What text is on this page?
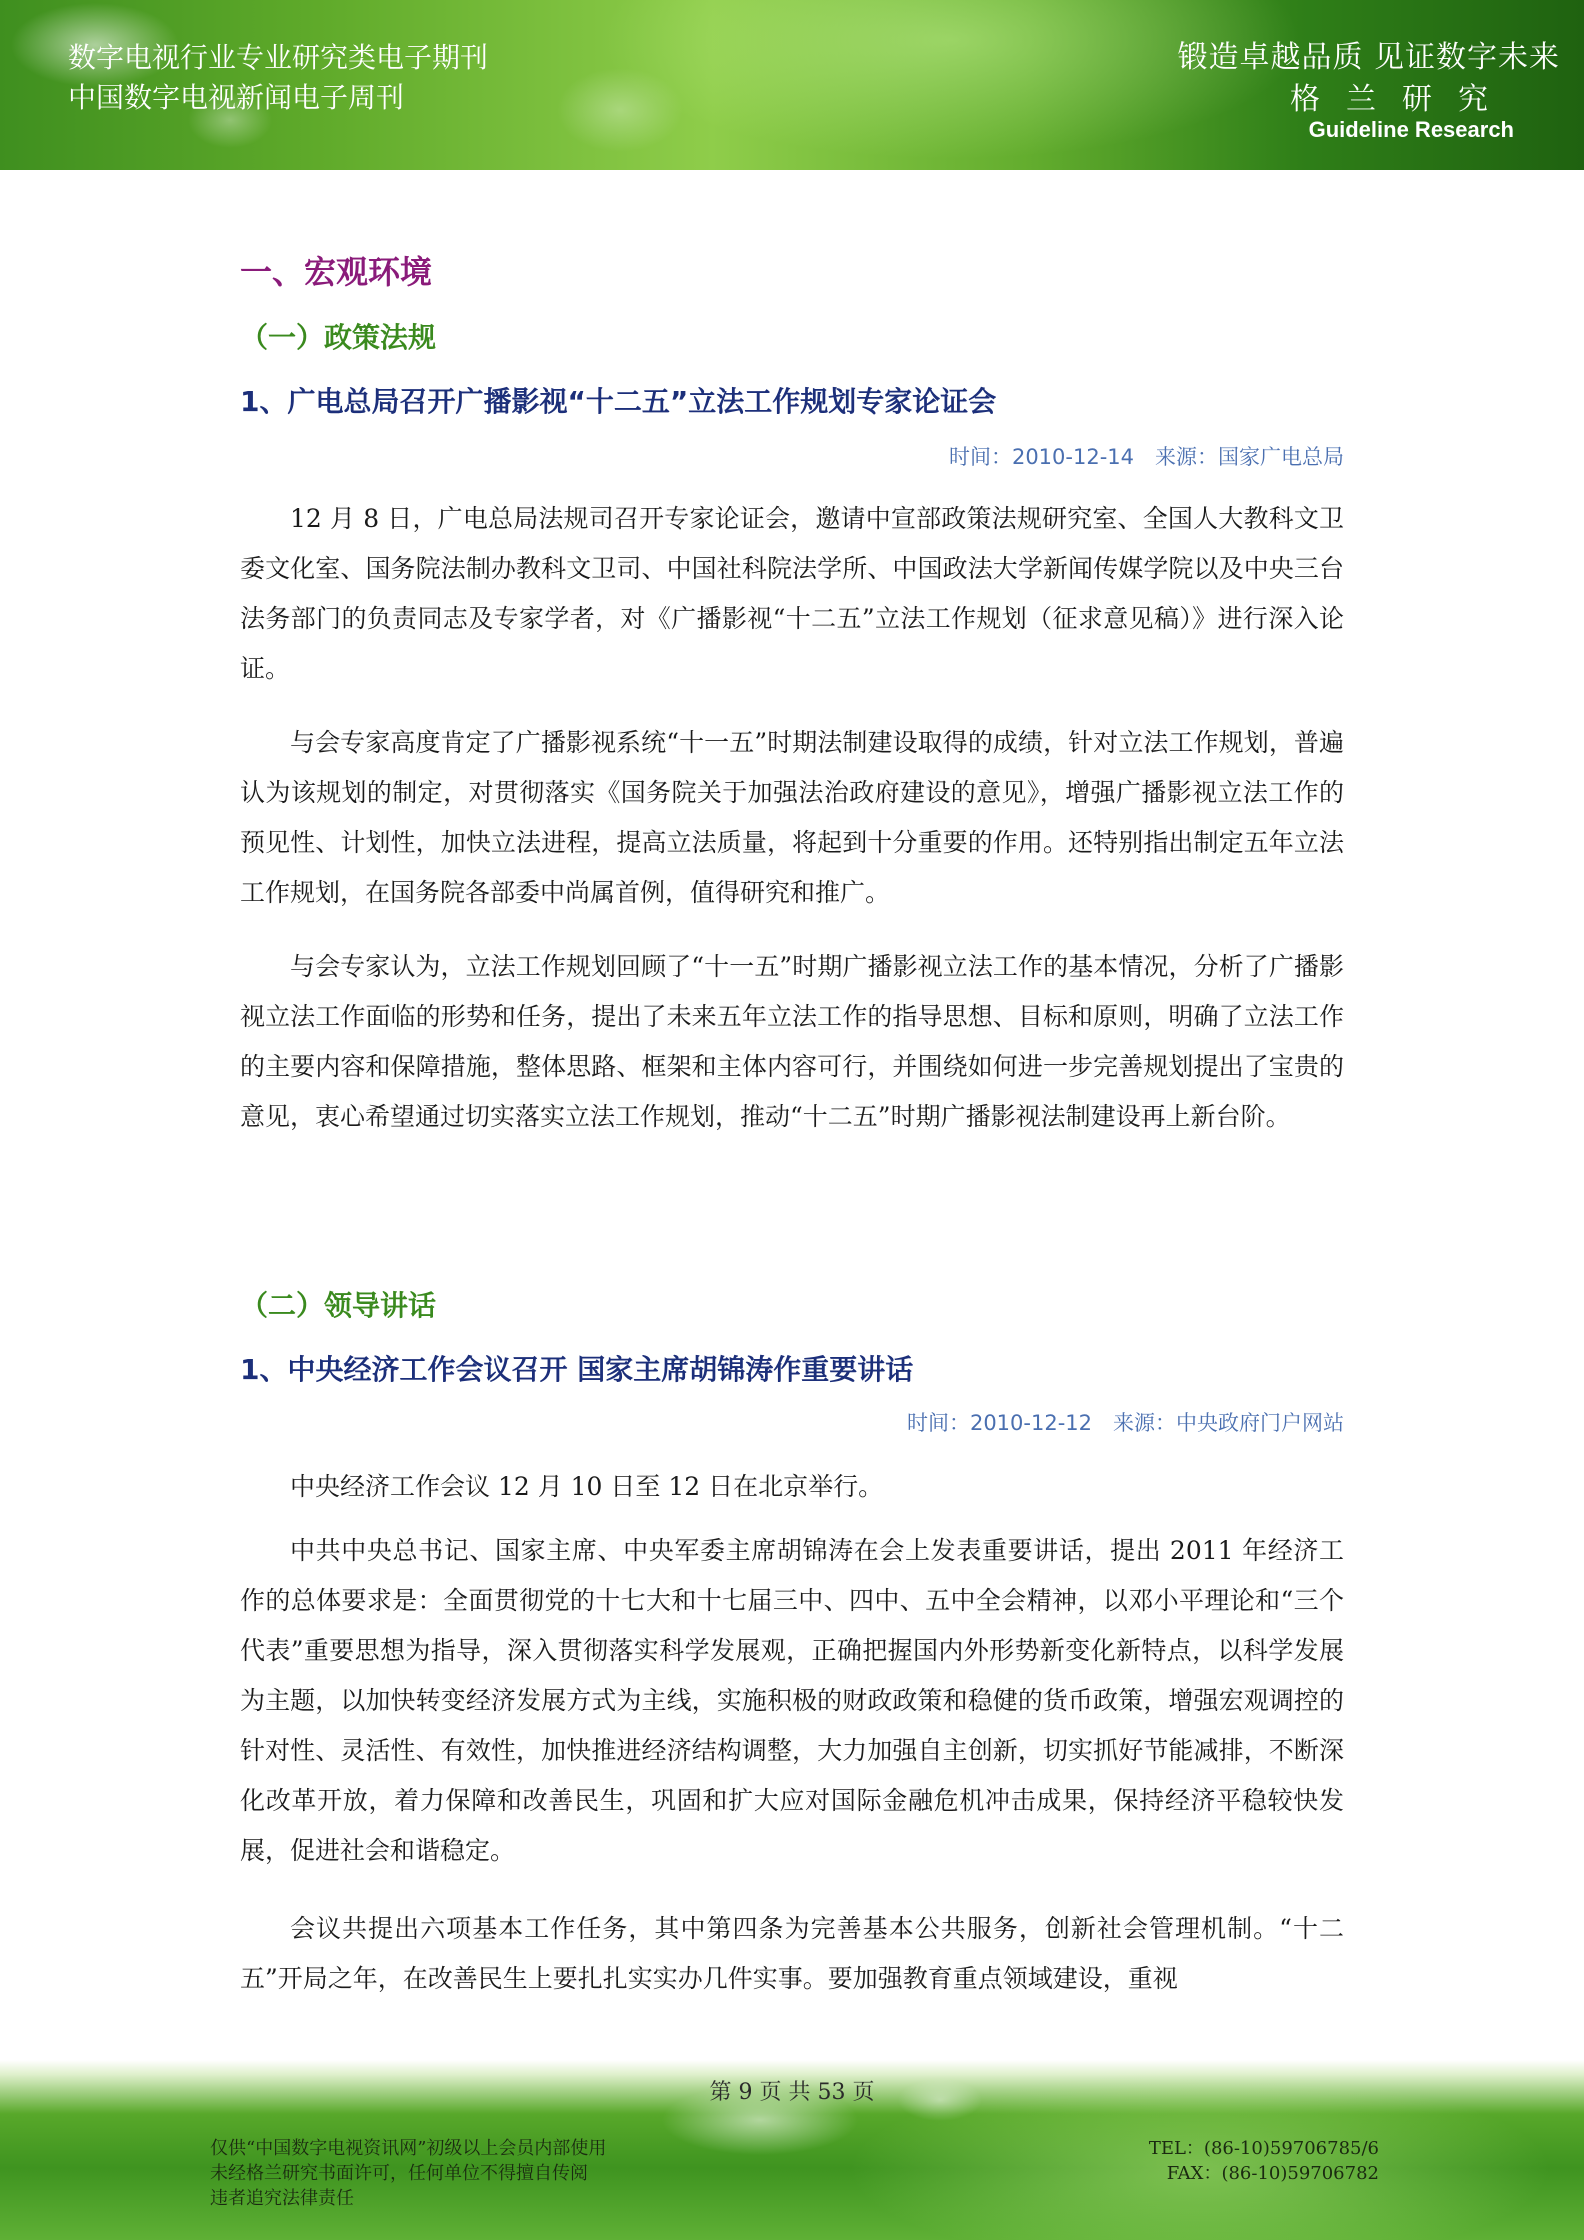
数字电视行业专业研究类电子期刊
中国数字电视新闻电子周刊
锻造卓越品质 见证数字未来
格兰研究
Guideline Research
一、宏观环境
（一）政策法规
1、广电总局召开广播影视“十二五”立法工作规划专家论证会
时间：2010-12-14　来源：国家广电总局
12 月 8 日，广电总局法规司召开专家论证会，邀请中宣部政策法规研究室、全国人大教科文卫委文化室、国务院法制办教科文卫司、中国社科院法学所、中国政法大学新闻传媒学院以及中央三台法务部门的负责同志及专家学者，对《广播影视“十二五”立法工作规划（征求意见稿）》进行深入论证。
与会专家高度肯定了广播影视系统“十一五”时期法制建设取得的成绩，针对立法工作规划，普遍认为该规划的制定，对贯彻落实《国务院关于加强法治政府建设的意见》，增强广播影视立法工作的预见性、计划性，加快立法进程，提高立法质量，将起到十分重要的作用。还特别指出制定五年立法工作规划，在国务院各部委中尚属首例，值得研究和推广。
与会专家认为，立法工作规划回顾了“十一五”时期广播影视立法工作的基本情况，分析了广播影视立法工作面临的形势和任务，提出了未来五年立法工作的指导思想、目标和原则，明确了立法工作的主要内容和保障措施，整体思路、框架和主体内容可行，并围绕如何进一步完善规划提出了宝贵的意见，衷心希望通过切实落实立法工作规划，推动“十二五”时期广播影视法制建设再上新台阶。
（二）领导讲话
1、中央经济工作会议召开 国家主席胡锦涛作重要讲话
时间：2010-12-12　来源：中央政府门户网站
中央经济工作会议 12 月 10 日至 12 日在北京举行。
中共中央总书记、国家主席、中央军委主席胡锦涛在会上发表重要讲话，提出 2011 年经济工作的总体要求是：全面贯彻党的十七大和十七届三中、四中、五中全会精神，以邓小平理论和“三个代表”重要思想为指导，深入贯彻落实科学发展观，正确把握国内外形势新变化新特点，以科学发展为主题，以加快转变经济发展方式为主线，实施积极的财政政策和稳健的货币政策，增强宏观调控的针对性、灵活性、有效性，加快推进经济结构调整，大力加强自主创新，切实抓好节能减排，不断深化改革开放，着力保障和改善民生，巩固和扩大应对国际金融危机冲击成果，保持经济平稳较快发展，促进社会和谐稳定。
会议共提出六项基本工作任务，其中第四条为完善基本公共服务，创新社会管理机制。“十二五”开局之年，在改善民生上要扎扎实实办几件实事。要加强教育重点领域建设，重视
第 9 页 共 53 页
仅供“中国数字电视资讯网”初级以上会员内部使用
未经格兰研究书面许可，任何单位不得擅自传阅
违者追究法律责任
TEL：(86-10)59706785/6
FAX：(86-10)59706782
